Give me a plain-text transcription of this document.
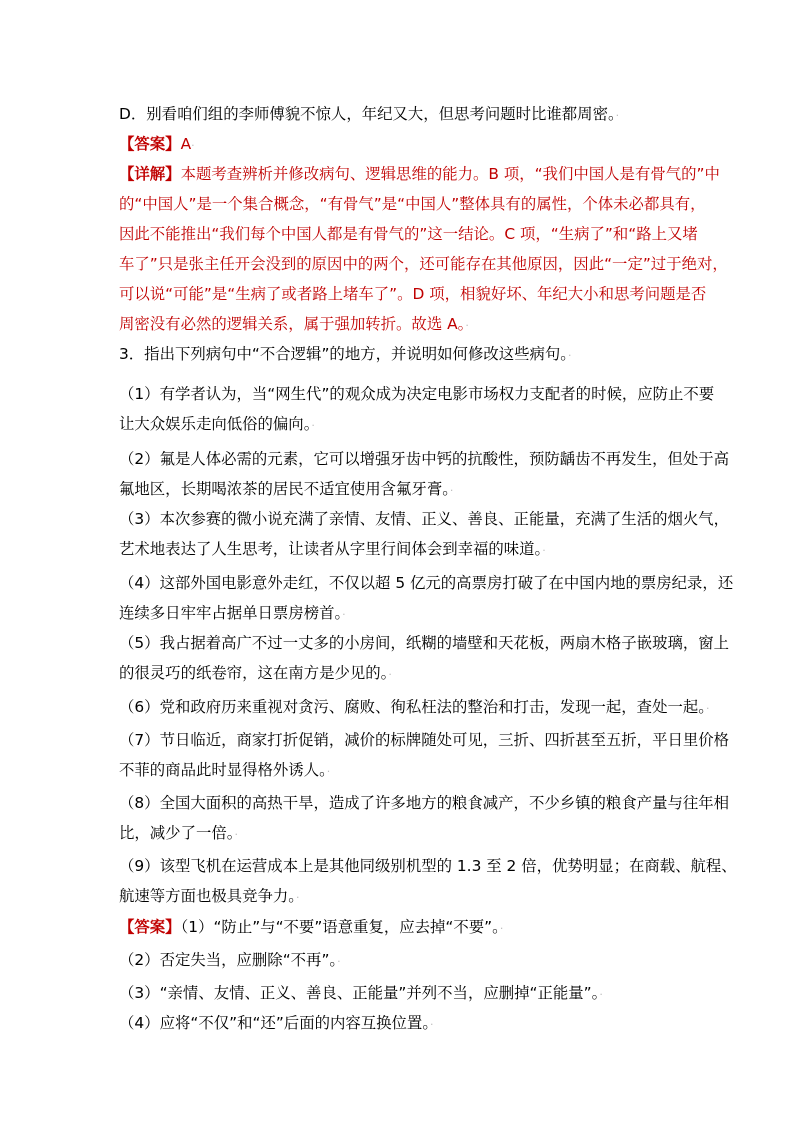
D．别看咱们组的李师傅貌不惊人，年纪又大，但思考问题时比谁都周密。·
【答案】A·
【详解】本题考查辨析并修改病句、逻辑思维的能力。B 项，“我们中国人是有骨气的”中
的“中国人”是一个集合概念，“有骨气”是“中国人”整体具有的属性，个体未必都具有，
因此不能推出“我们每个中国人都是有骨气的”这一结论。C 项，“生病了”和“路上又堵
车了”只是张主任开会没到的原因中的两个，还可能存在其他原因，因此“一定”过于绝对，
可以说“可能”是“生病了或者路上堵车了”。D 项，相貌好坏、年纪大小和思考问题是否
周密没有必然的逻辑关系，属于强加转折。故选 A。·
3．指出下列病句中“不合逻辑”的地方，并说明如何修改这些病句。·
（1）有学者认为，当“网生代”的观众成为决定电影市场权力支配者的时候，应防止不要
让大众娱乐走向低俗的偏向。·
（2）氟是人体必需的元素，它可以增强牙齿中钙的抗酸性，预防龋齿不再发生，但处于高
氟地区，长期喝浓茶的居民不适宜使用含氟牙膏。·
（3）本次参赛的微小说充满了亲情、友情、正义、善良、正能量，充满了生活的烟火气，
艺术地表达了人生思考，让读者从字里行间体会到幸福的味道。·
（4）这部外国电影意外走红，不仅以超 5 亿元的高票房打破了在中国内地的票房纪录，还
连续多日牢牢占据单日票房榜首。·
（5）我占据着高广不过一丈多的小房间，纸糊的墙壁和天花板，两扇木格子嵌玻璃，窗上
的很灵巧的纸卷帘，这在南方是少见的。·
（6）党和政府历来重视对贪污、腐败、徇私枉法的整治和打击，发现一起，查处一起。·
（7）节日临近，商家打折促销，减价的标牌随处可见，三折、四折甚至五折，平日里价格
不菲的商品此时显得格外诱人。·
（8）全国大面积的高热干旱，造成了许多地方的粮食减产，不少乡镇的粮食产量与往年相
比，减少了一倍。·
（9）该型飞机在运营成本上是其他同级别机型的 1.3 至 2 倍，优势明显；在商载、航程、
航速等方面也极具竞争力。·
【答案】（1）“防止”与“不要”语意重复，应去掉“不要”。·
（2）否定失当，应删除“不再”。·
（3）“亲情、友情、正义、善良、正能量”并列不当，应删掉“正能量”。·
（4）应将“不仅”和“还”后面的内容互换位置。·
